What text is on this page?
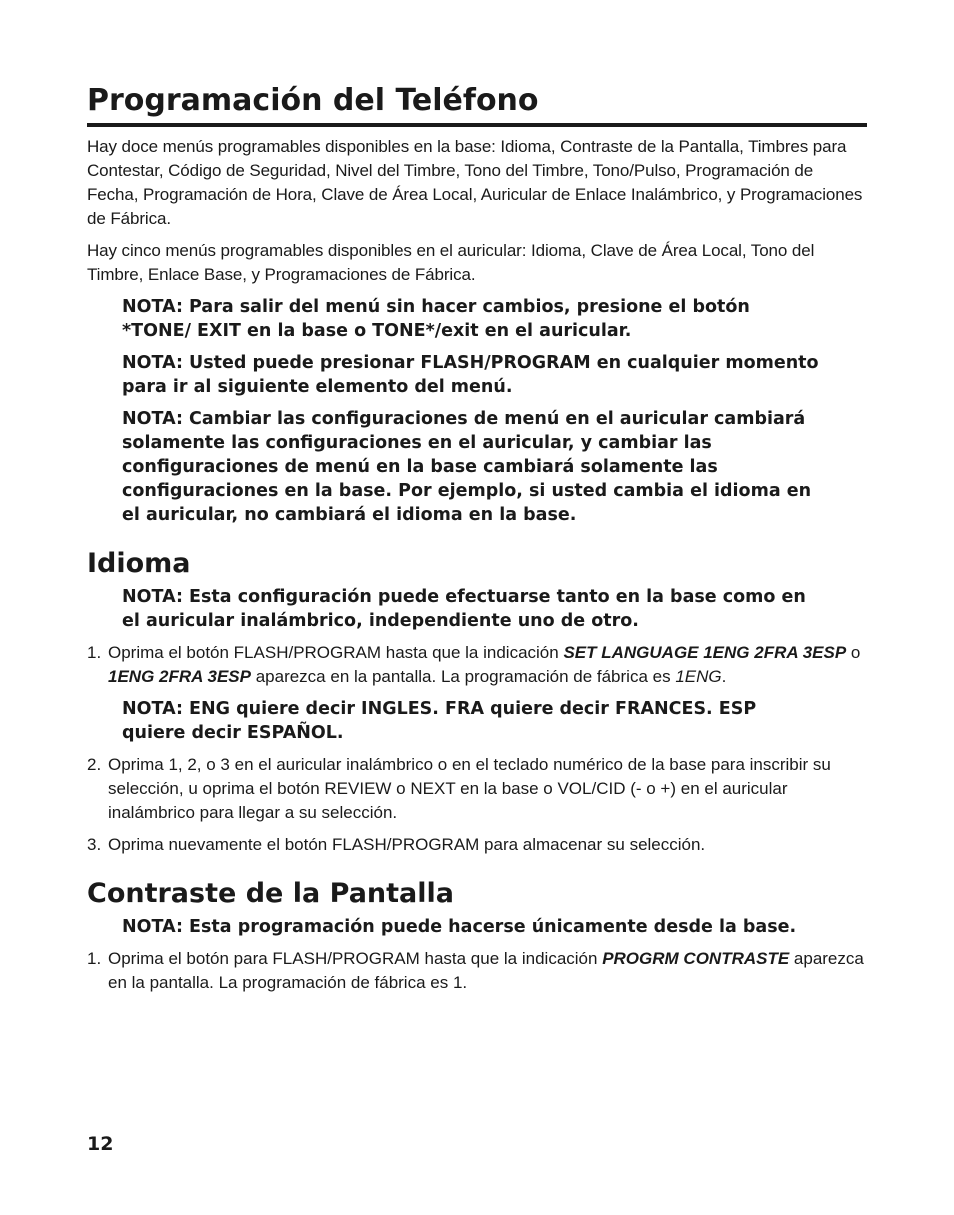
Programación del Teléfono

Hay doce menús programables disponibles en la base: Idioma, Contraste de la Pantalla, Timbres para Contestar, Código de Seguridad, Nivel del Timbre, Tono del Timbre, Tono/Pulso, Programación de Fecha, Programación de Hora, Clave de Área Local, Auricular de Enlace Inalámbrico, y Programaciones de Fábrica.

Hay cinco menús programables disponibles en el auricular: Idioma, Clave de Área Local, Tono del Timbre, Enlace Base, y Programaciones de Fábrica.

NOTA: Para salir del menú sin hacer cambios, presione el botón *TONE/ EXIT en la base o TONE*/exit en el auricular.

NOTA: Usted puede presionar FLASH/PROGRAM en cualquier momento para ir al siguiente elemento del menú.

NOTA: Cambiar las configuraciones de menú en el auricular cambiará solamente las configuraciones en el auricular, y cambiar las configuraciones de menú en la base cambiará solamente las configuraciones en la base. Por ejemplo, si usted cambia el idioma en el auricular, no cambiará el idioma en la base.

Idioma

NOTA: Esta configuración puede efectuarse tanto en la base como en el auricular inalámbrico, independiente uno de otro.

1. Oprima el botón FLASH/PROGRAM hasta que la indicación SET LANGUAGE 1ENG 2FRA 3ESP o 1ENG 2FRA 3ESP aparezca en la pantalla. La programación de fábrica es 1ENG.

NOTA: ENG quiere decir INGLES. FRA quiere decir FRANCES. ESP quiere decir ESPAÑOL.

2. Oprima 1, 2, o 3 en el auricular inalámbrico o en el teclado numérico de la base para inscribir su selección, u oprima el botón REVIEW o NEXT en la base o VOL/CID (- o +) en el auricular inalámbrico para llegar a su selección.
3. Oprima nuevamente el botón FLASH/PROGRAM para almacenar su selección.
Contraste de la Pantalla

NOTA: Esta programación puede hacerse únicamente desde la base.

1. Oprima el botón para FLASH/PROGRAM hasta que la indicación PROGRM CONTRASTE aparezca en la pantalla. La programación de fábrica es 1.
12
